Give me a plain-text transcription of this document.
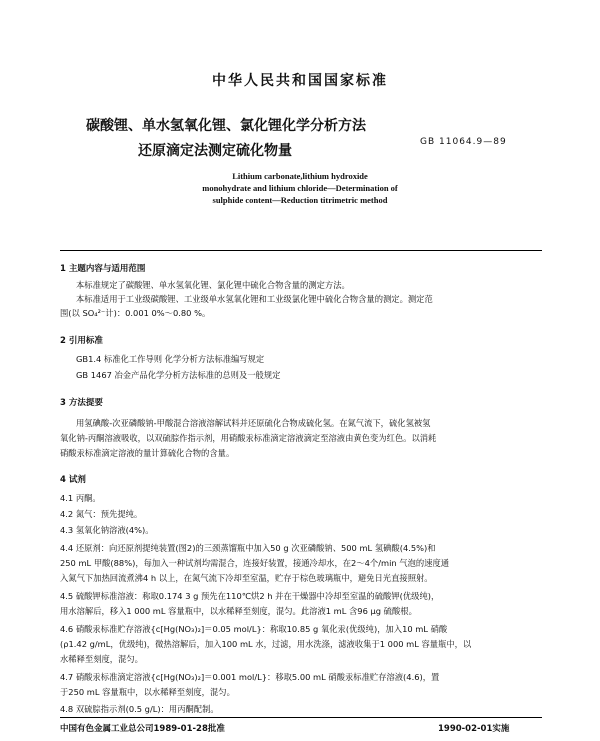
中华人民共和国国家标准
碳酸锂、单水氢氧化锂、氯化锂化学分析方法
还原滴定法测定硫化物量
GB 11064.9—89
Lithium carbonate,lithium hydroxide
monohydrate and lithium chloride—Determination of
sulphide content—Reduction titrimetric method
1 主题内容与适用范围
本标准规定了碳酸锂、单水氢氧化锂、氯化锂中硫化合物含量的测定方法。
本标准适用于工业级碳酸锂、工业级单水氢氧化锂和工业级氯化锂中硫化合物含量的测定。测定范
围(以 SO₄²⁻计)：0.001 0%～0.80 %。
2 引用标准
GB1.4 标准化工作导则 化学分析方法标准编写规定
GB 1467 冶金产品化学分析方法标准的总则及一般规定
3 方法提要
用氢碘酸-次亚磷酸钠-甲酸混合溶液溶解试料并还原硫化合物成硫化氢。在氮气流下，硫化氢被氢
氧化钠-丙酮溶液吸收，以双硫腙作指示剂，用硝酸汞标准滴定溶液滴定至溶液由黄色变为红色。以消耗
硝酸汞标准滴定溶液的量计算硫化合物的含量。
4 试剂
4.1 丙酮。
4.2 氮气：预先提纯。
4.3 氢氧化钠溶液(4%)。
4.4 还原剂：向还原剂提纯装置(图2)的三颈蒸馏瓶中加入50 g 次亚磷酸钠、500 mL 氢碘酸(4.5%)和
250 mL 甲酸(88%)，每加入一种试剂均需混合，连接好装置，接通冷却水，在2～4个/min 气泡的速度通
入氮气下加热回流煮沸4 h 以上，在氮气流下冷却至室温，贮存于棕色玻璃瓶中，避免日光直接照射。
4.5 硫酸钾标准溶液：称取0.174 3 g 预先在110℃烘2 h 并在干燥器中冷却至室温的硫酸钾(优级纯)，
用水溶解后，移入1 000 mL 容量瓶中，以水稀释至刻度，混匀。此溶液1 mL 含96 μg 硫酸根。
4.6 硝酸汞标准贮存溶液{c[Hg(NO₃)₂]＝0.05 mol/L}：称取10.85 g 氧化汞(优级纯)，加入10 mL 硝酸
(ρ1.42 g/mL，优级纯)，微热溶解后，加入100 mL 水，过滤，用水洗涤，滤液收集于1 000 mL 容量瓶中，以
水稀释至刻度，混匀。
4.7 硝酸汞标准滴定溶液{c[Hg(NO₃)₂]＝0.001 mol/L}：移取5.00 mL 硝酸汞标准贮存溶液(4.6)，置
于250 mL 容量瓶中，以水稀释至刻度，混匀。
4.8 双硫腙指示剂(0.5 g/L)：用丙酮配制。
中国有色金属工业总公司1989-01-28批准	1990-02-01实施
